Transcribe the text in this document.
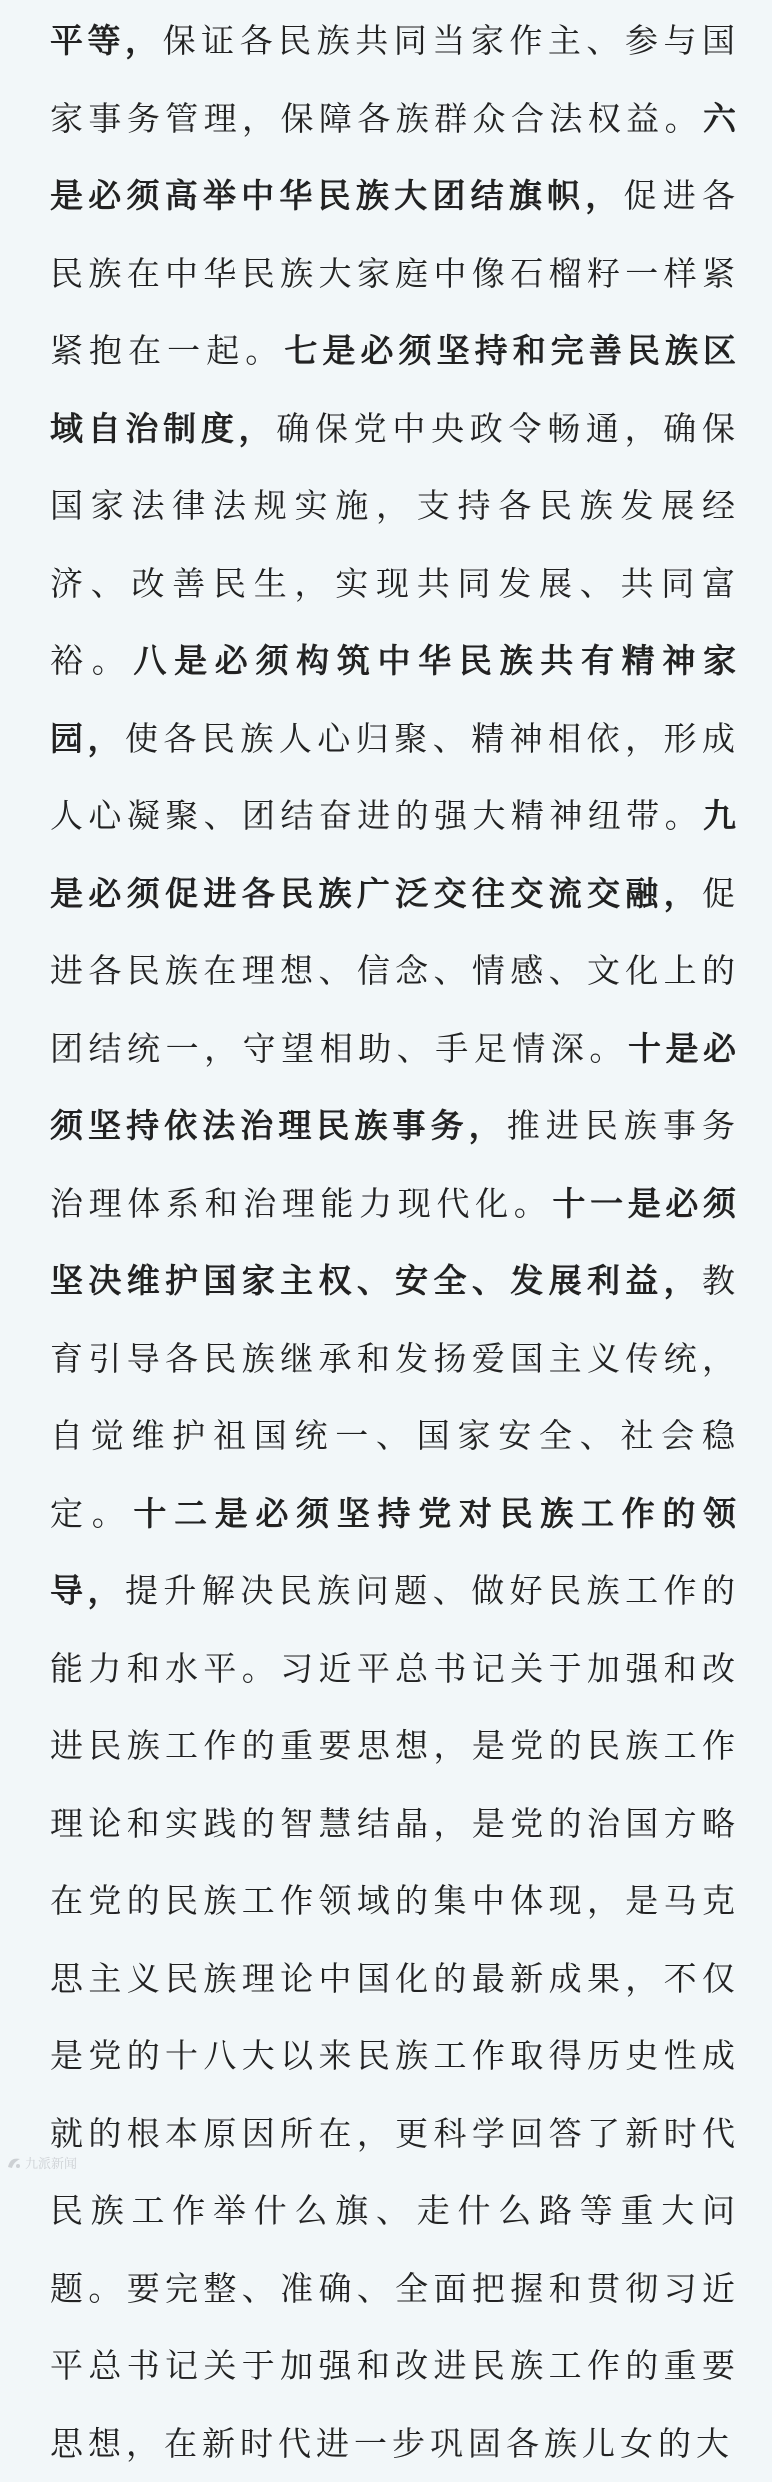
平等，保证各民族共同当家作主、参与国家事务管理，保障各族群众合法权益。六是必须高举中华民族大团结旗帜，促进各民族在中华民族大家庭中像石榴籽一样紧紧抱在一起。七是必须坚持和完善民族区域自治制度，确保党中央政令畅通，确保国家法律法规实施，支持各民族发展经济、改善民生，实现共同发展、共同富裕。八是必须构筑中华民族共有精神家园，使各民族人心归聚、精神相依，形成人心凝聚、团结奋进的强大精神纽带。九是必须促进各民族广泛交往交流交融，促进各民族在理想、信念、情感、文化上的团结统一，守望相助、手足情深。十是必须坚持依法治理民族事务，推进民族事务治理体系和治理能力现代化。十一是必须坚决维护国家主权、安全、发展利益，教育引导各民族继承和发扬爱国主义传统，自觉维护祖国统一、国家安全、社会稳定。十二是必须坚持党对民族工作的领导，提升解决民族问题、做好民族工作的能力和水平。习近平总书记关于加强和改进民族工作的重要思想，是党的民族工作理论和实践的智慧结晶，是党的治国方略在党的民族工作领域的集中体现，是马克思主义民族理论中国化的最新成果，不仅是党的十八大以来民族工作取得历史性成就的根本原因所在，更科学回答了新时代民族工作举什么旗、走什么路等重大问题。要完整、准确、全面把握和贯彻习近平总书记关于加强和改进民族工作的重要思想，在新时代进一步巩固各族儿女的大
九派新闻
